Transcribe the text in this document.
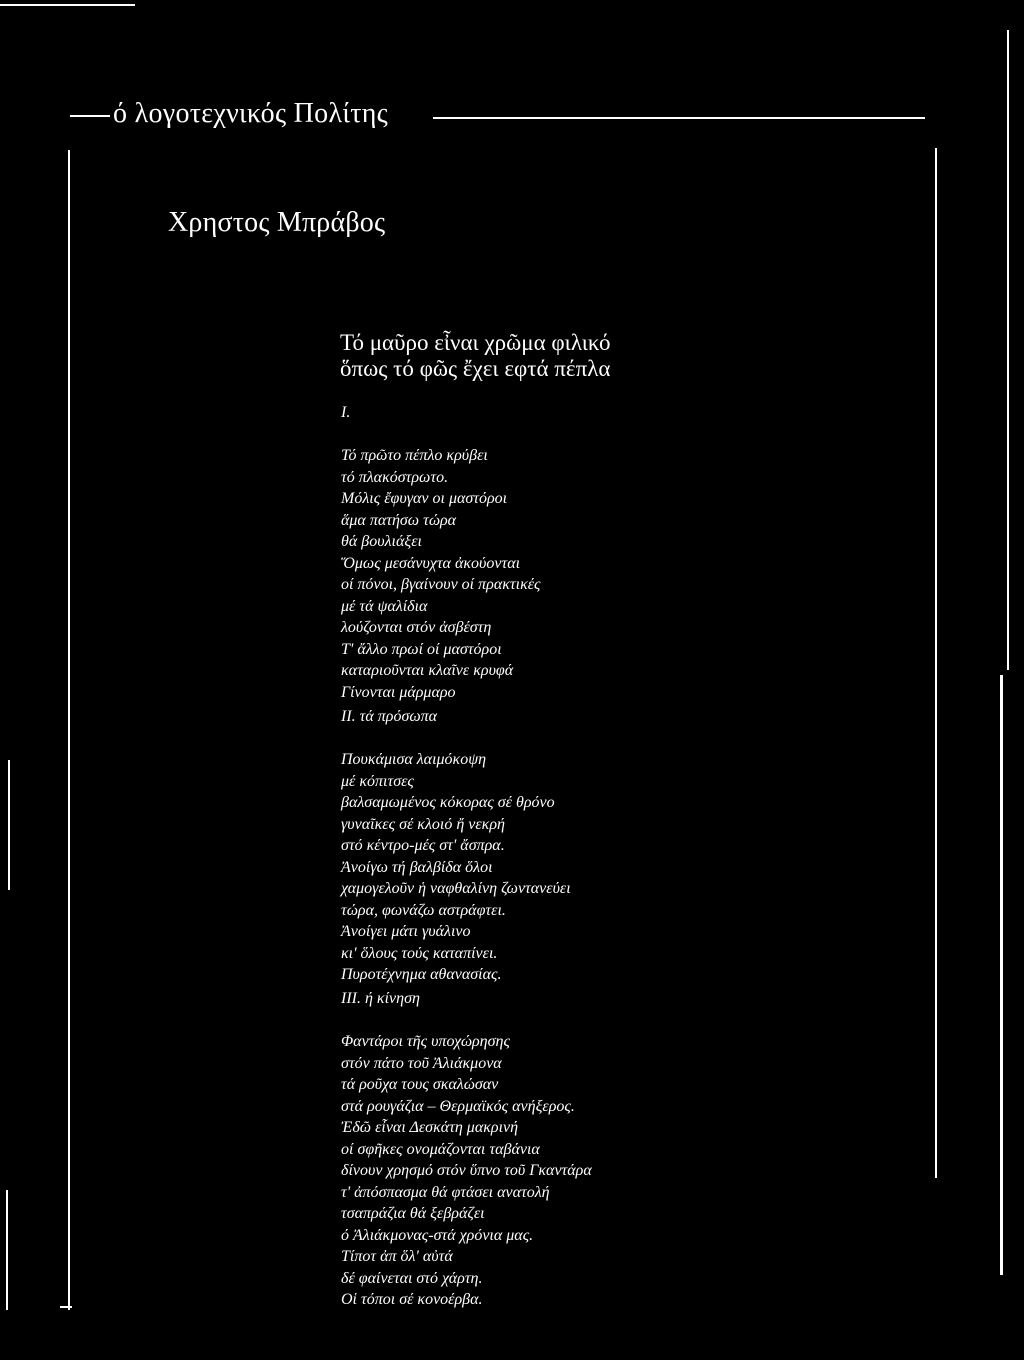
ό λογοτεχνικός Πολίτης
Χρηστος Μπράβος
Τό μαῦρο εἶναι χρῶμα φιλικό
ὅπως τό φῶς ἔχει εφτά πέπλα
I.
Τό πρῶτο πέπλο κρύβει
τό πλακόστρωτο.
Μόλις ἔφυγαν οι μαστόροι
ἅμα πατήσω τώρα
θά βουλιάξει
Ὅμως μεσάνυχτα ἀκούονται
οί πόνοι, βγαίνουν οί πρακτικές
μέ τά ψαλίδια
λούζονται στόν ἀσβέστη
Τ' ἄλλο πρωί οί μαστόροι
καταριοῦνται κλαῖνε κρυφά
Γίνονται μάρμαρο
II. τά πρόσωπα
Πουκάμισα λαιμόκοψη
μέ κόπιτσες
βαλσαμωμένος κόκορας σέ θρόνο
γυναῖκες σέ κλοιό ἤ νεκρή
στό κέντρο-μές στ' ἄσπρα.
Ἀνοίγω τή βαλβίδα ὅλοι
χαμογελοῦν ἡ ναφθαλίνη ζωντανεύει
τώρα, φωνάζω αστράφτει.
Ἀνοίγει μάτι γυάλινο
κι' ὅλους τούς καταπίνει.
Πυροτέχνημα αθανασίας.
III. ή κίνηση
Φαντάροι τῆς υποχώρησης
στόν πάτο τοῦ Ἀλιάκμονα
τά ροῦχα τους σκαλώσαν
στά ρουγάζια – Θερμαϊκός ανήξερος.
Ἐδῶ εἶναι Δεσκάτη μακρινή
οί σφῆκες ονομάζονται ταβάνια
δίνουν χρησμό στόν ὕπνο τοῦ Γκαντάρα
τ' ἀπόσπασμα θά φτάσει ανατολή
τσαπράζια θά ξεβράζει
ό Ἀλιάκμονας-στά χρόνια μας.
Τίποτ ἀπ ὅλ' αὐτά
δέ φαίνεται στό χάρτη.
Οἱ τόποι σέ κονοέρβα.
